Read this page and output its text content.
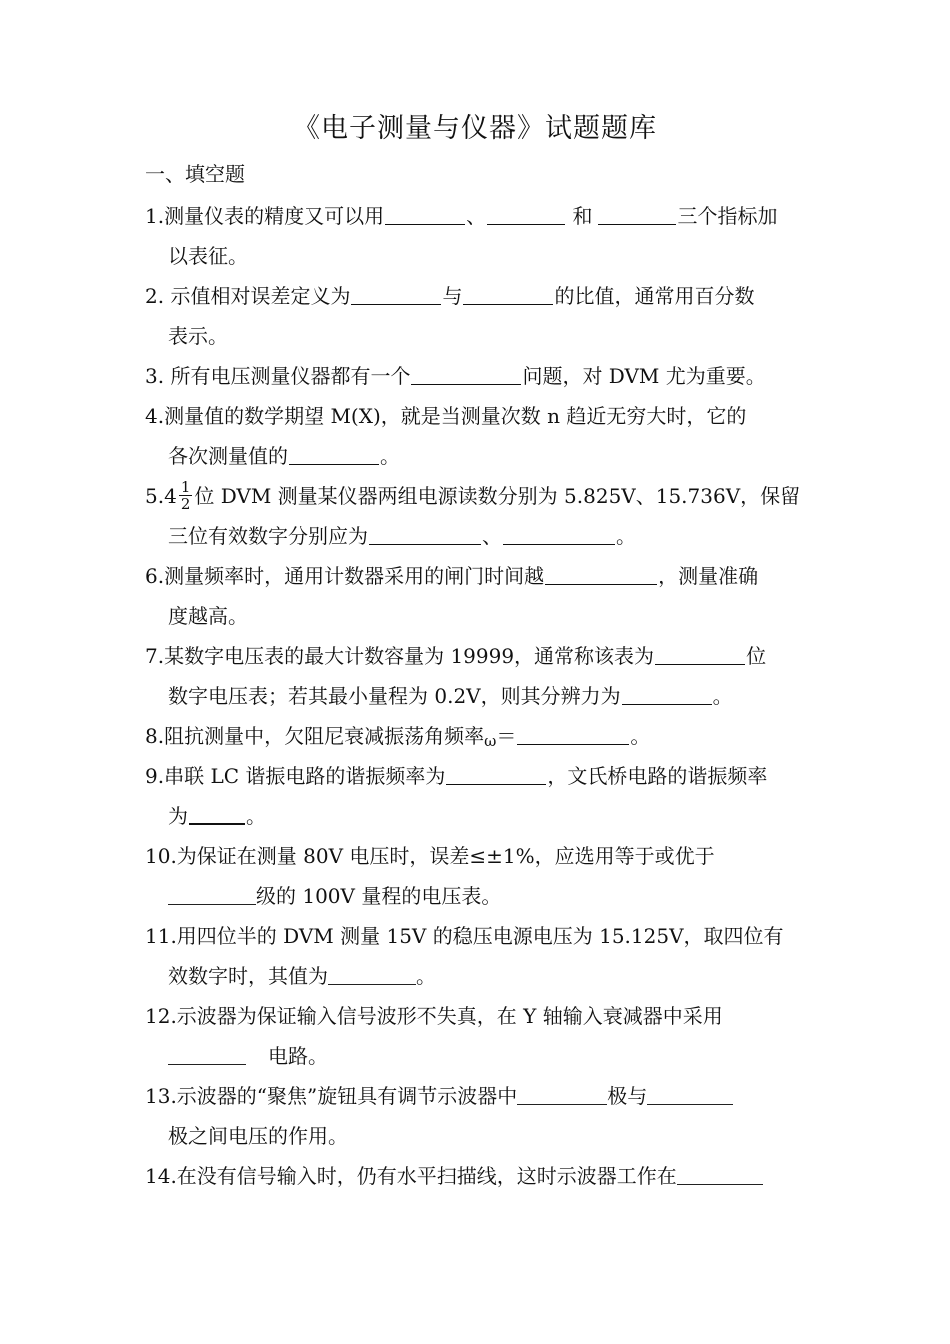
《电子测量与仪器》试题题库
一、填空题
1.测量仪表的精度又可以用	、	和	三个指标加
以表征。
2. 示值相对误差定义为	与	的比值，通常用百分数
表示。
3. 所有电压测量仪器都有一个	问题，对 DVM 尤为重要。
4.测量值的数学期望 M(X)，就是当测量次数 n 趋近无穷大时，它的
各次测量值的	。
$5.4 \frac{1}{2}$ 位 DVM 测量某仪器两组电源读数分别为 5.825V、15.736V，保留
三位有效数字分别应为	、	。
6.测量频率时，通用计数器采用的闸门时间越	，测量准确
度越高。
7.某数字电压表的最大计数容量为 19999，通常称该表为	位
数字电压表；若其最小量程为 0.2V，则其分辨力为	。
8.阻抗测量中，欠阻尼衰减振荡角频率ω＝	。
9.串联 LC 谐振电路的谐振频率为	，文氏桥电路的谐振频率
为	。
10.为保证在测量 80V 电压时，误差≤±1%，应选用等于或优于
级的 100V 量程的电压表。
11.用四位半的 DVM 测量 15V 的稳压电源电压为 15.125V，取四位有
效数字时，其值为	。
12.示波器为保证输入信号波形不失真，在 Y 轴输入衰减器中采用
电路。
13.示波器的“聚焦”旋钮具有调节示波器中	极与
极之间电压的作用。
14.在没有信号输入时，仍有水平扫描线，这时示波器工作在
